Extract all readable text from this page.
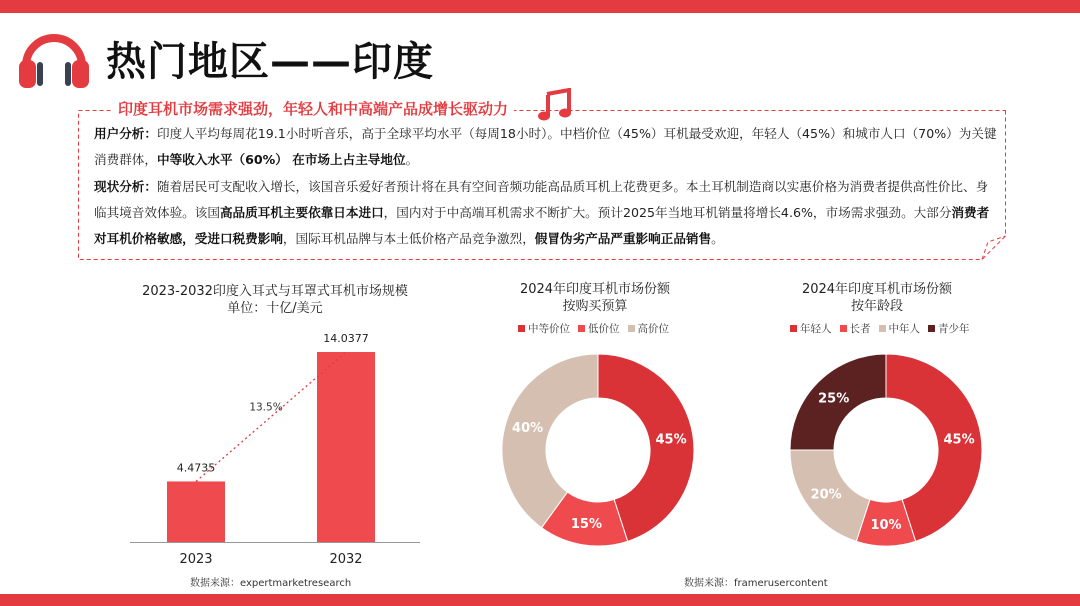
热门地区——印度
印度耳机市场需求强劲，年轻人和中高端产品成增长驱动力
用户分析：印度人平均每周花19.1小时听音乐，高于全球平均水平（每周18小时）。中档价位（45%）耳机最受欢迎，年轻人（45%）和城市人口（70%）为关键消费群体，中等收入水平（60%） 在市场上占主导地位。
现状分析：随着居民可支配收入增长，该国音乐爱好者预计将在具有空间音频功能高品质耳机上花费更多。本土耳机制造商以实惠价格为消费者提供高性价比、身临其境音效体验。该国高品质耳机主要依靠日本进口，国内对于中高端耳机需求不断扩大。预计2025年当地耳机销量将增长4.6%，市场需求强劲。大部分消费者对耳机价格敏感，受进口税费影响，国际耳机品牌与本土低价格产品竞争激烈，假冒伪劣产品严重影响正品销售。
2023-2032印度入耳式与耳罩式耳机市场规模
单位：十亿/美元
4.4735
2023
14.0377
2032
13.5%
数据来源：expertmarketresearch
2024年印度耳机市场份额
按购买预算
中等价位 低价位 高价位
45%
15%
40%
2024年印度耳机市场份额
按年龄段
年轻人 长者 中年人 青少年
45%
10%
20%
25%
数据来源：framerusercontent
